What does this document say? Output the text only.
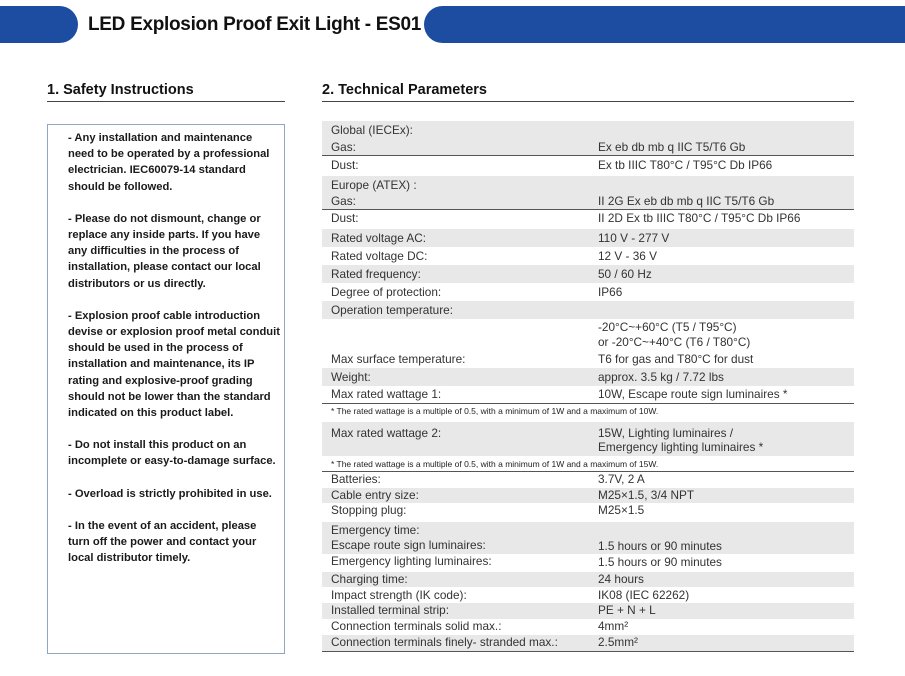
LED Explosion Proof Exit Light - ES01
1. Safety Instructions	2. Technical Parameters
- Any installation and maintenance need to be operated by a professional electrician. IEC60079-14 standard should be followed.
- Please do not dismount, change or replace any inside parts. If you have any difficulties in the process of installation, please contact our local distributors or us directly.
- Explosion proof cable introduction devise or explosion proof metal conduit should be used in the process of installation and maintenance, its IP rating and explosive-proof grading should not be lower than the standard indicated on this product label.
- Do not install this product on an incomplete or easy-to-damage surface.
- Overload is strictly prohibited in use.
- In the event of an accident, please turn off the power and contact your local distributor timely.
Global (IECEx):
Gas:	Ex eb db mb q IIC T5/T6 Gb
Dust:	Ex tb IIIC T80°C / T95°C Db IP66
Europe (ATEX) :
Gas:	II 2G Ex eb db mb q IIC T5/T6 Gb
Dust:	II 2D Ex tb IIIC T80°C / T95°C Db IP66
Rated voltage AC:	110 V - 277 V
Rated voltage DC:	12 V - 36 V
Rated frequency:	50 / 60 Hz
Degree of protection:	IP66
Operation temperature:
-20°C~+60°C (T5 / T95°C)
or -20°C~+40°C (T6 / T80°C)
Max surface temperature:	T6 for gas and T80°C for dust
Weight:	approx. 3.5 kg / 7.72 lbs
Max rated wattage 1:	10W, Escape route sign luminaires *
* The rated wattage is a multiple of 0.5, with a minimum of 1W and a maximum of 10W.
Max rated wattage 2:	15W, Lighting luminaires /
Emergency lighting luminaires *
* The rated wattage is a multiple of 0.5, with a minimum of 1W and a maximum of 15W.
Batteries:	3.7V, 2 A
Cable entry size:	M25×1.5, 3/4 NPT
Stopping plug:	M25×1.5
Emergency time:
Escape route sign luminaires:	1.5 hours or 90 minutes
Emergency lighting luminaires:	1.5 hours or 90 minutes
Charging time:	24 hours
Impact strength (IK code):	IK08 (IEC 62262)
Installed terminal strip:	PE + N + L
Connection terminals solid max.:	4mm²
Connection terminals finely- stranded max.:	2.5mm²
